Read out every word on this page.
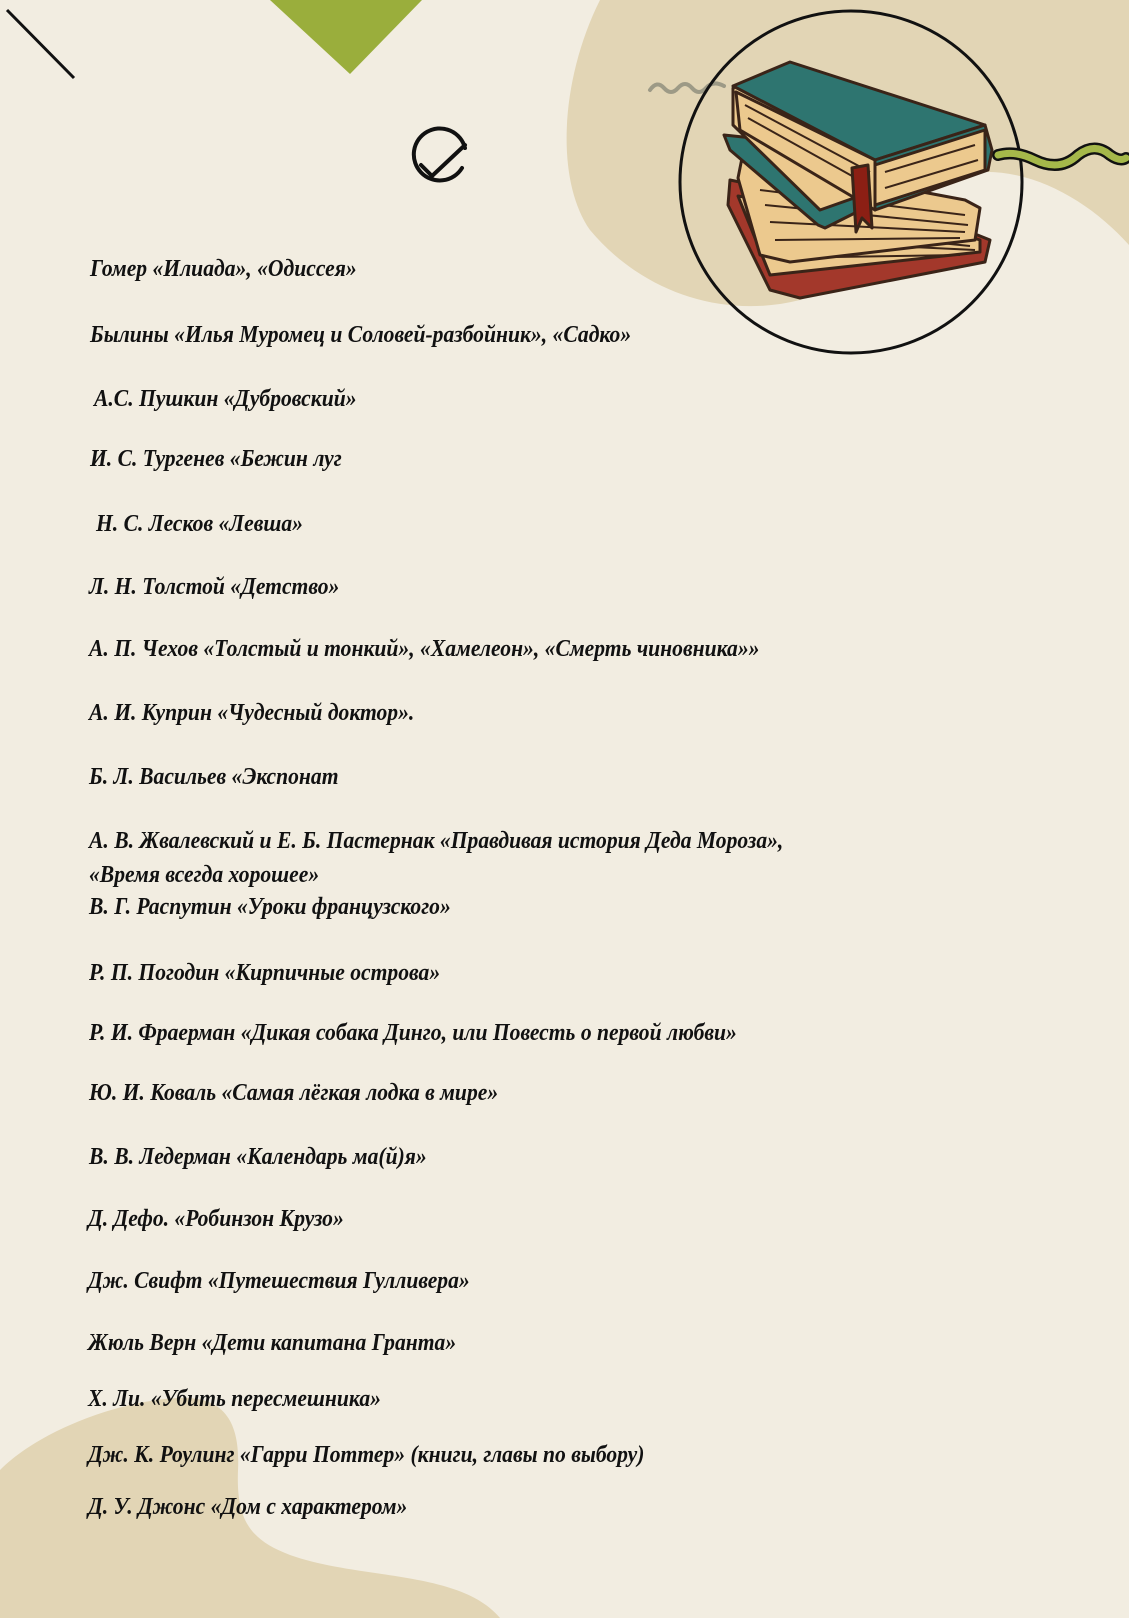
Гомер «Илиада», «Одиссея»
Былины «Илья Муромец и Соловей-разбойник», «Садко»
А.С. Пушкин «Дубровский»
И. С. Тургенев «Бежин луг
Н. С. Лесков «Левша»
Л. Н. Толстой «Детство»
А. П. Чехов «Толстый и тонкий», «Хамелеон», «Смерть чиновника»»
А. И. Куприн «Чудесный доктор».
Б. Л. Васильев «Экспонат
А. В. Жвалевский и Е. Б. Пастернак «Правдивая история Деда Мороза»,
«Время всегда хорошее»
В. Г. Распутин «Уроки французского»
Р. П. Погодин «Кирпичные острова»
Р. И. Фраерман «Дикая собака Динго, или Повесть о первой любви»
Ю. И. Коваль «Самая лёгкая лодка в мире»
В. В. Ледерман «Календарь ма(й)я»
Д. Дефо. «Робинзон Крузо»
Дж. Свифт «Путешествия Гулливера»
Жюль Верн «Дети капитана Гранта»
Х. Ли. «Убить пересмешника»
Дж. К. Роулинг «Гарри Поттер» (книги, главы по выбору)
Д. У. Джонс «Дом с характером»
